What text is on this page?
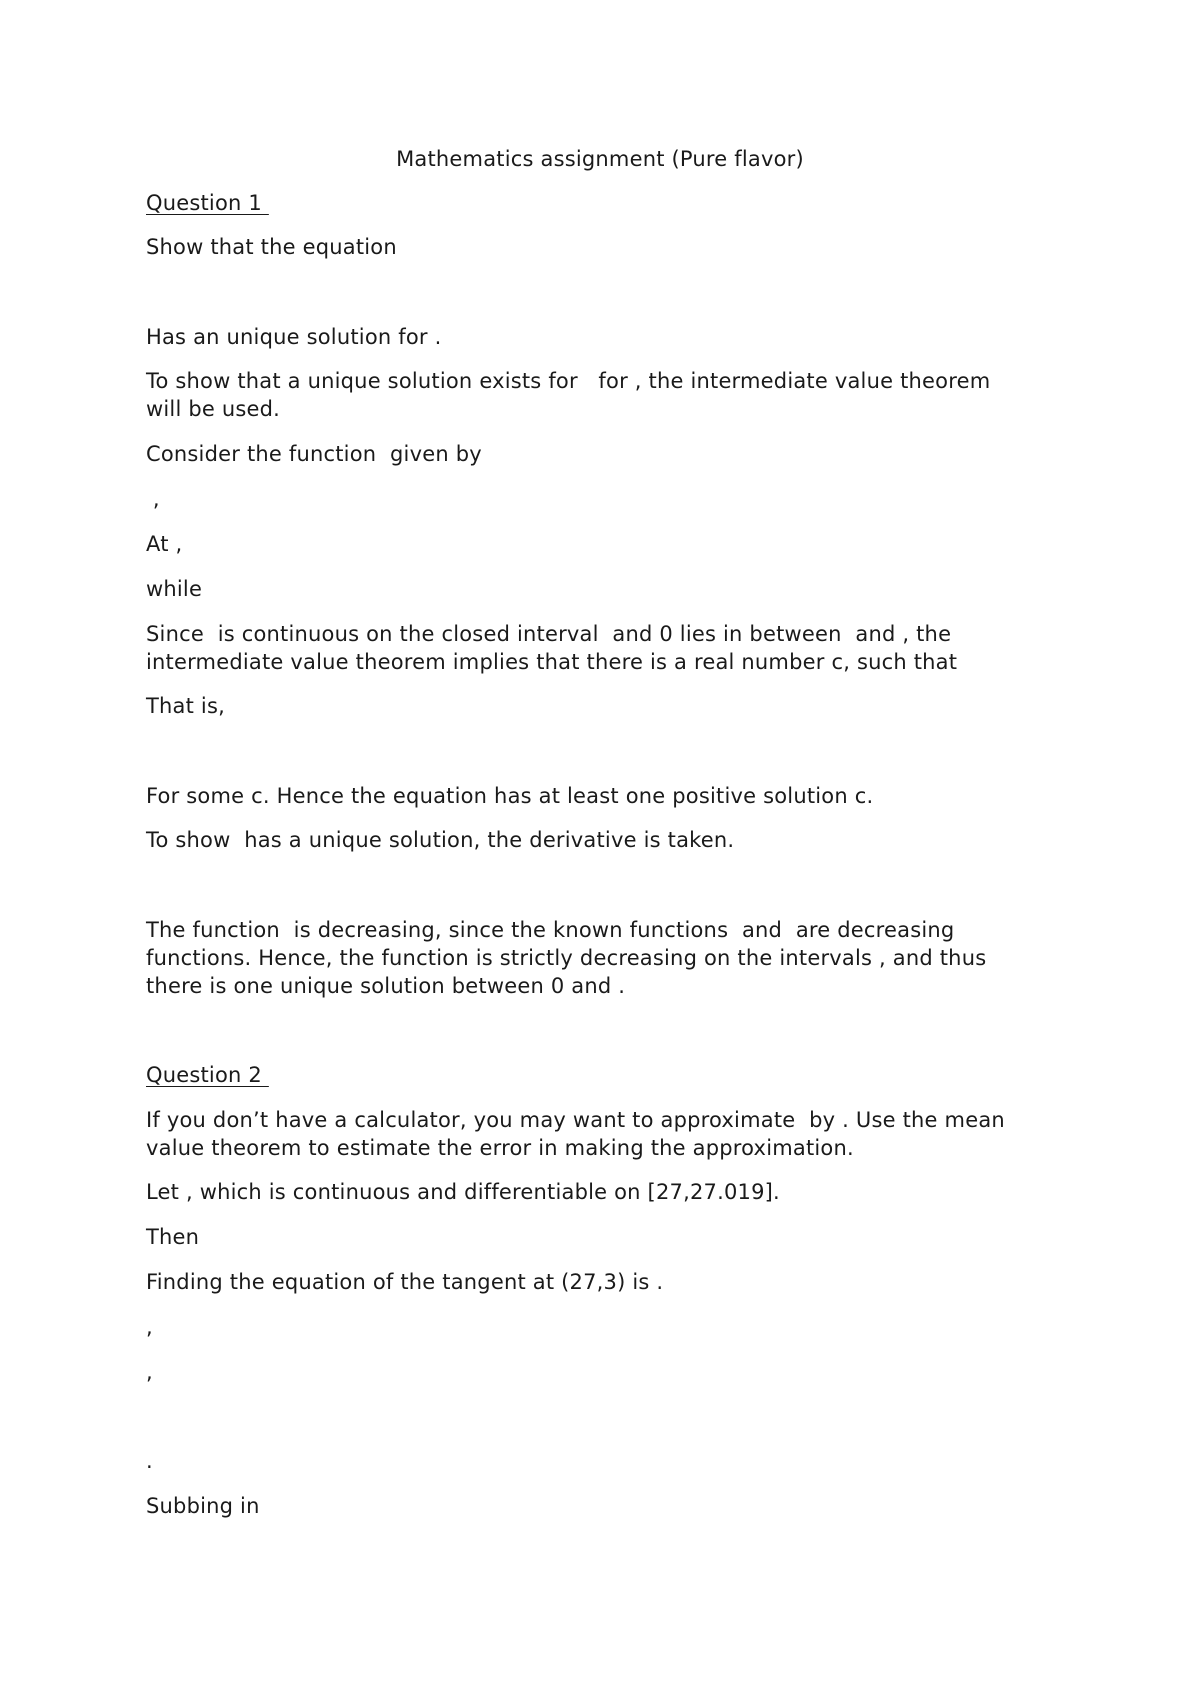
Mathematics assignment (Pure flavor)

Question 1

Show that the equation

Has an unique solution for .

To show that a unique solution exists for   for , the intermediate value theorem

will be used.

Consider the function  given by

,

At ,

while

Since  is continuous on the closed interval  and 0 lies in between  and , the

intermediate value theorem implies that there is a real number c, such that

That is,

For some c. Hence the equation has at least one positive solution c.

To show  has a unique solution, the derivative is taken.

The function  is decreasing, since the known functions  and  are decreasing

functions. Hence, the function is strictly decreasing on the intervals , and thus

there is one unique solution between 0 and .

Question 2

If you don’t have a calculator, you may want to approximate  by . Use the mean

value theorem to estimate the error in making the approximation.

Let , which is continuous and differentiable on [27,27.019].

Then

Finding the equation of the tangent at (27,3) is .

,

,

.

Subbing in
